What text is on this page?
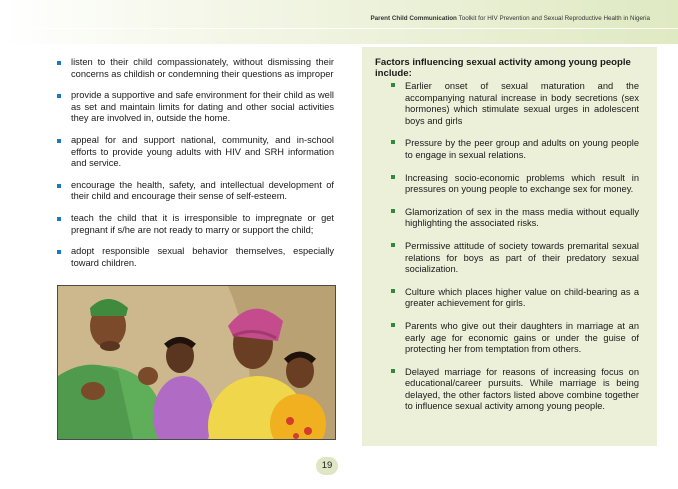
Parent Child Communication Toolkit for HIV Prevention and Sexual Reproductive Health in Nigeria
listen to their child compassionately, without dismissing their concerns as childish or condemning their questions as improper
provide a supportive and safe environment for their child as well as set and maintain limits for dating and other social activities they are involved in, outside the home.
appeal for and support national, community, and in-school efforts to provide young adults with HIV and SRH information and service.
encourage the health, safety, and intellectual development of their child and encourage their sense of self-esteem.
teach the child that it is irresponsible to impregnate or get pregnant if s/he are not ready to marry or support the child;
adopt responsible sexual behavior themselves, especially toward children.
Factors influencing sexual activity among young people include:
Earlier onset of sexual maturation and the accompanying natural increase in body secretions (sex hormones) which stimulate sexual urges in adolescent boys and girls
Pressure by the peer group and adults on young people to engage in sexual relations.
Increasing socio-economic problems which result in pressures on young people to exchange sex for money.
Glamorization of sex in the mass media without equally highlighting the associated risks.
Permissive attitude of society towards premarital sexual relations for boys as part of their predatory sexual socialization.
Culture which places higher value on child-bearing as a greater achievement for girls.
Parents who give out their daughters in marriage at an early age for economic gains or under the guise of protecting her from temptation from others.
Delayed marriage for reasons of increasing focus on educational/career pursuits. While marriage is being delayed, the other factors listed above combine together to influence sexual activity among young people.
19
